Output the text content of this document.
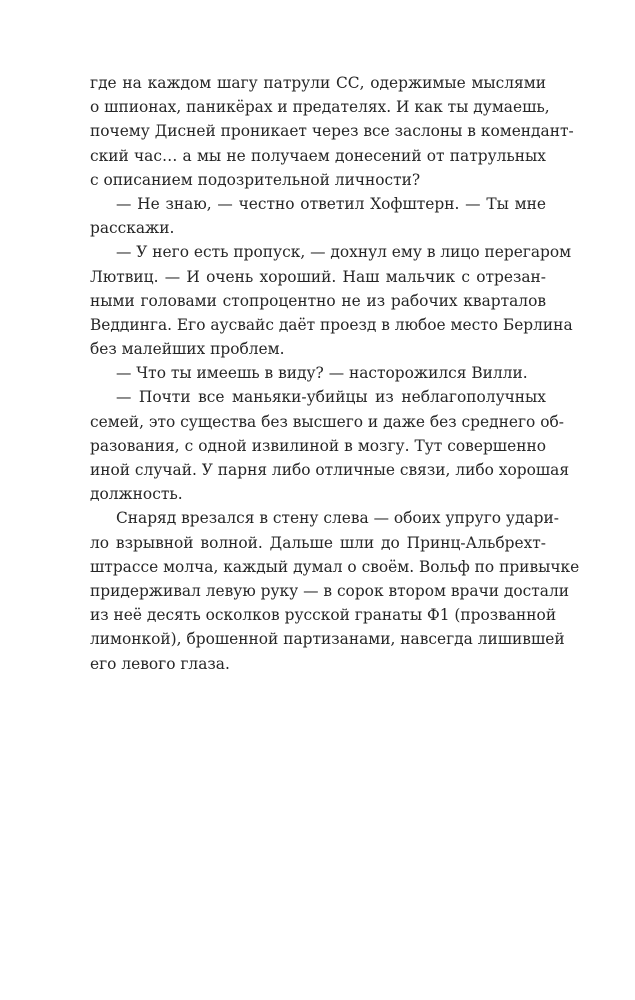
где на каждом шагу патрули СС, одержимые мыслями
о шпионах, паникёрах и предателях. И как ты думаешь,
почему Дисней проникает через все заслоны в комендант-
ский час… а мы не получаем донесений от патрульных
с описанием подозрительной личности?
— Не знаю, — честно ответил Хофштерн. — Ты мне
расскажи.
— У него есть пропуск, — дохнул ему в лицо перегаром
Лютвиц. — И очень хороший. Наш мальчик с отрезан-
ными головами стопроцентно не из рабочих кварталов
Веддинга. Его аусвайс даёт проезд в любое место Берлина
без малейших проблем.
— Что ты имеешь в виду? — насторожился Вилли.
— Почти все маньяки-убийцы из неблагополучных
семей, это существа без высшего и даже без среднего об-
разования, с одной извилиной в мозгу. Тут совершенно
иной случай. У парня либо отличные связи, либо хорошая
должность.
Снаряд врезался в стену слева — обоих упруго удари-
ло взрывной волной. Дальше шли до Принц-Альбрехт-
штрассе молча, каждый думал о своём. Вольф по привычке
придерживал левую руку — в сорок втором врачи достали
из неё десять осколков русской гранаты Ф1 (прозванной
лимонкой), брошенной партизанами, навсегда лишившей
его левого глаза.
